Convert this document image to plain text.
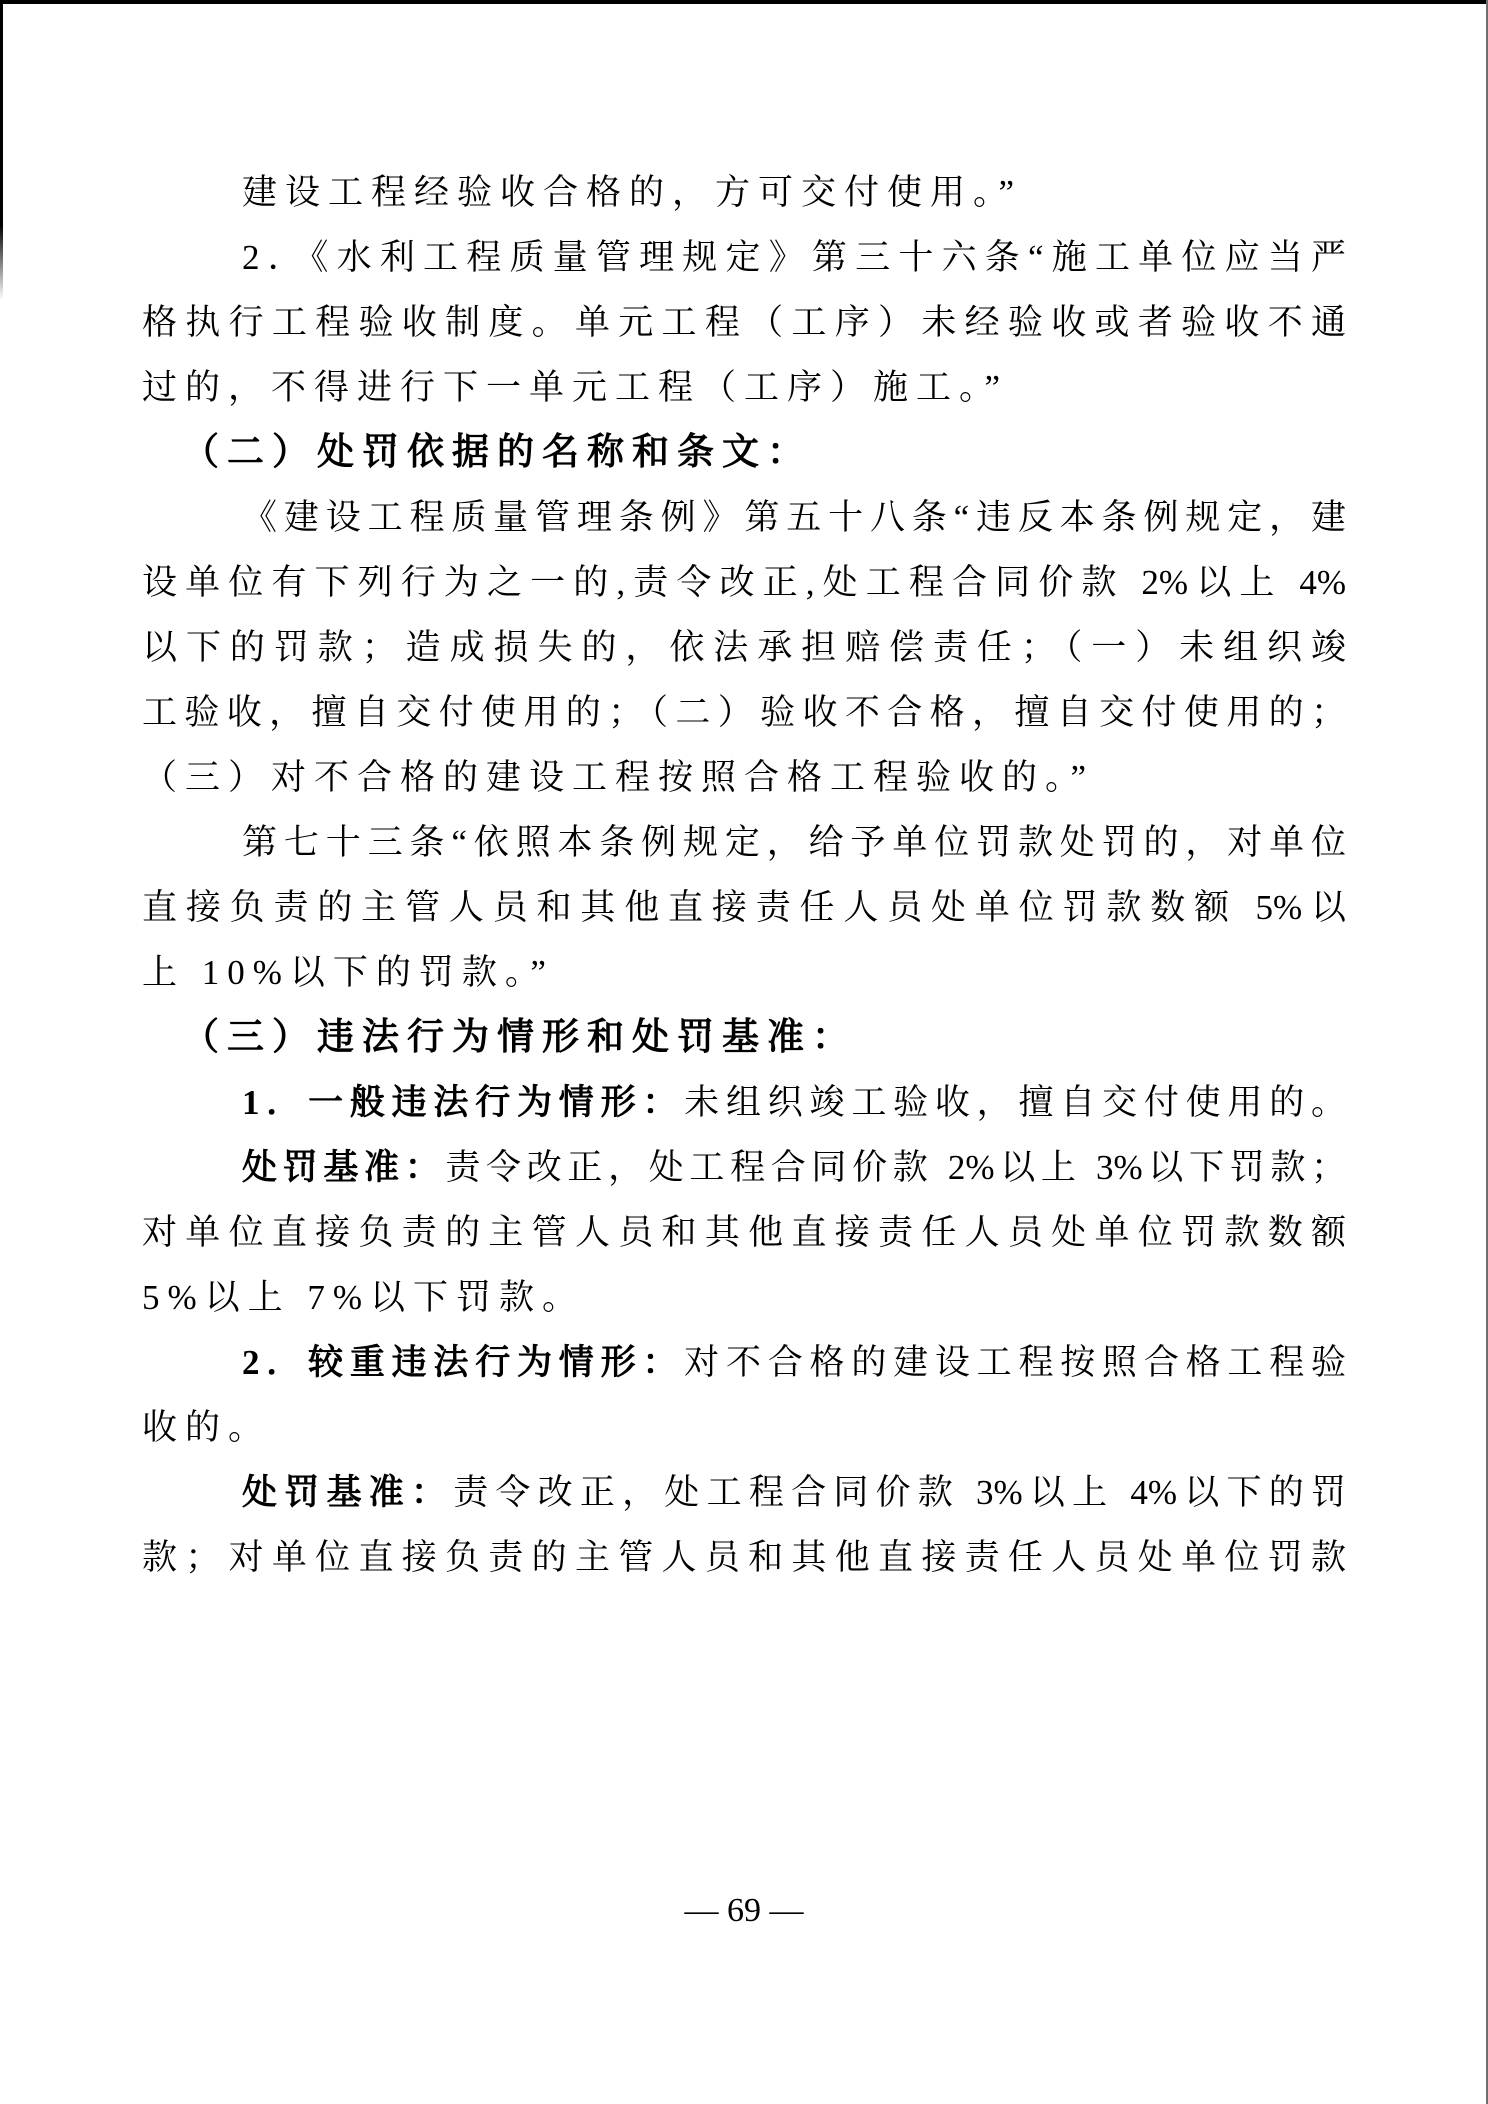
建设工程经验收合格的，方可交付使用。”
2．《水利工程质量管理规定》第三十六条“施工单位应当严
格执行工程验收制度。单元工程（工序）未经验收或者验收不通
过的，不得进行下一单元工程（工序）施工。”
（二）处罚依据的名称和条文：
《建设工程质量管理条例》第五十八条“违反本条例规定，建
设单位有下列行为之一的,责令改正,处工程合同价款 2%以上 4%
以下的罚款；造成损失的，依法承担赔偿责任；（一）未组织竣
工验收，擅自交付使用的；（二）验收不合格，擅自交付使用的；
（三）对不合格的建设工程按照合格工程验收的。”
第七十三条“依照本条例规定，给予单位罚款处罚的，对单位
直接负责的主管人员和其他直接责任人员处单位罚款数额 5%以
上 10%以下的罚款。”
（三）违法行为情形和处罚基准：
1．一般违法行为情形：未组织竣工验收，擅自交付使用的。
处罚基准：责令改正，处工程合同价款 2%以上 3%以下罚款；
对单位直接负责的主管人员和其他直接责任人员处单位罚款数额
5%以上 7%以下罚款。
2．较重违法行为情形：对不合格的建设工程按照合格工程验
收的。
处罚基准：责令改正，处工程合同价款 3%以上 4%以下的罚
款；对单位直接负责的主管人员和其他直接责任人员处单位罚款
— 69 —
